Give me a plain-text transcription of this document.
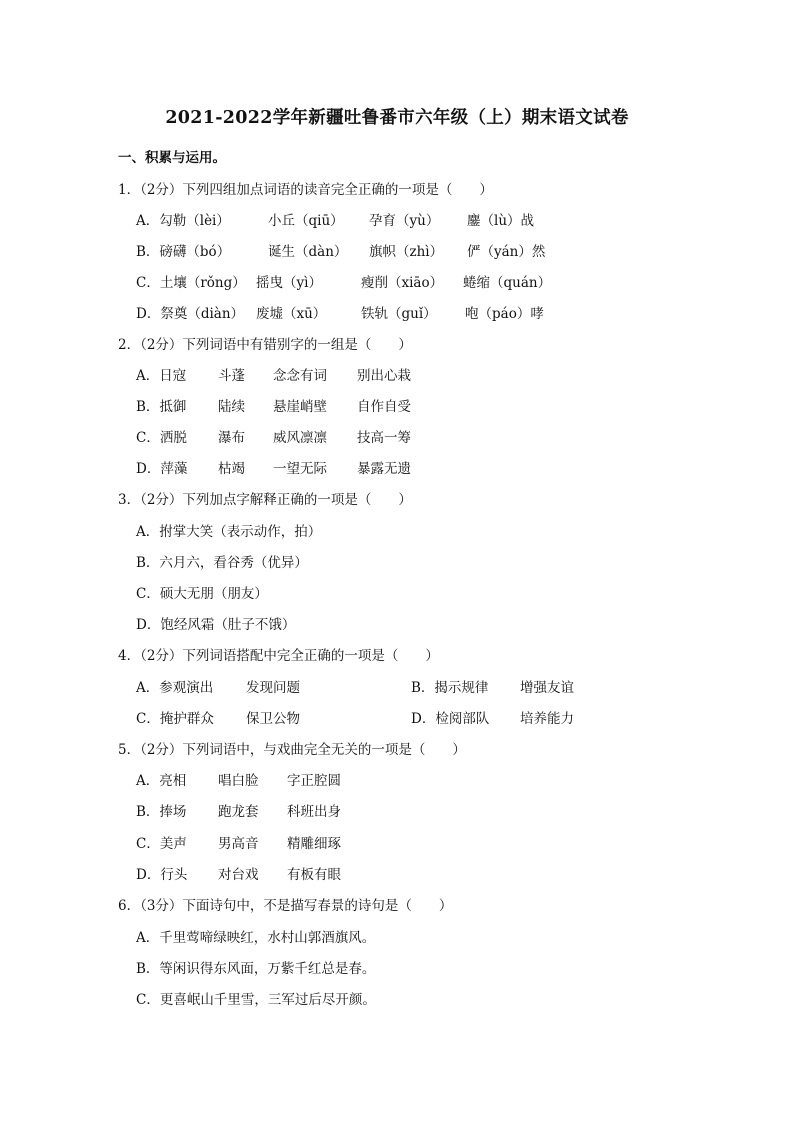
2021-2022学年新疆吐鲁番市六年级（上）期末语文试卷
一、积累与运用。
1．（2分）下列四组加点词语的读音完全正确的一项是（　　）
A．勾勒（lèi）	小丘（qiū） 孕育（yù） 鏖（lù）战
B．磅礴（bó）	诞生（dàn） 旗帜（zhì） 俨（yán）然
C．土壤（rǒng） 摇曳（yì）	瘦削（xiāo） 蜷缩（quán）
D．祭奠（diàn） 废墟（xū）	铁轨（guǐ） 咆（páo）哮
2．（2分）下列词语中有错别字的一组是（　　）
A．日寇 斗蓬 念念有词 别出心栽
B．抵御 陆续 悬崖峭壁 自作自受
C．洒脱 瀑布 威风凛凛 技高一筹
D．萍藻 枯竭 一望无际 暴露无遗
3．（2分）下列加点字解释正确的一项是（　　）
A．拊掌大笑（表示动作，拍）
B．六月六，看谷秀（优异）
C．硕大无朋（朋友）
D．饱经风霜（肚子不饿）
4．（2分）下列词语搭配中完全正确的一项是（　　）
A．参观演出 发现问题	B．揭示规律 增强友谊
C．掩护群众 保卫公物	D．检阅部队 培养能力
5．（2分）下列词语中，与戏曲完全无关的一项是（　　）
A．亮相 唱白脸 字正腔圆
B．捧场 跑龙套 科班出身
C．美声 男高音 精雕细琢
D．行头 对台戏 有板有眼
6．（3分）下面诗句中，不是描写春景的诗句是（　　）
A．千里莺啼绿映红，水村山郭酒旗风。
B．等闲识得东风面，万紫千红总是春。
C．更喜岷山千里雪，三军过后尽开颜。
